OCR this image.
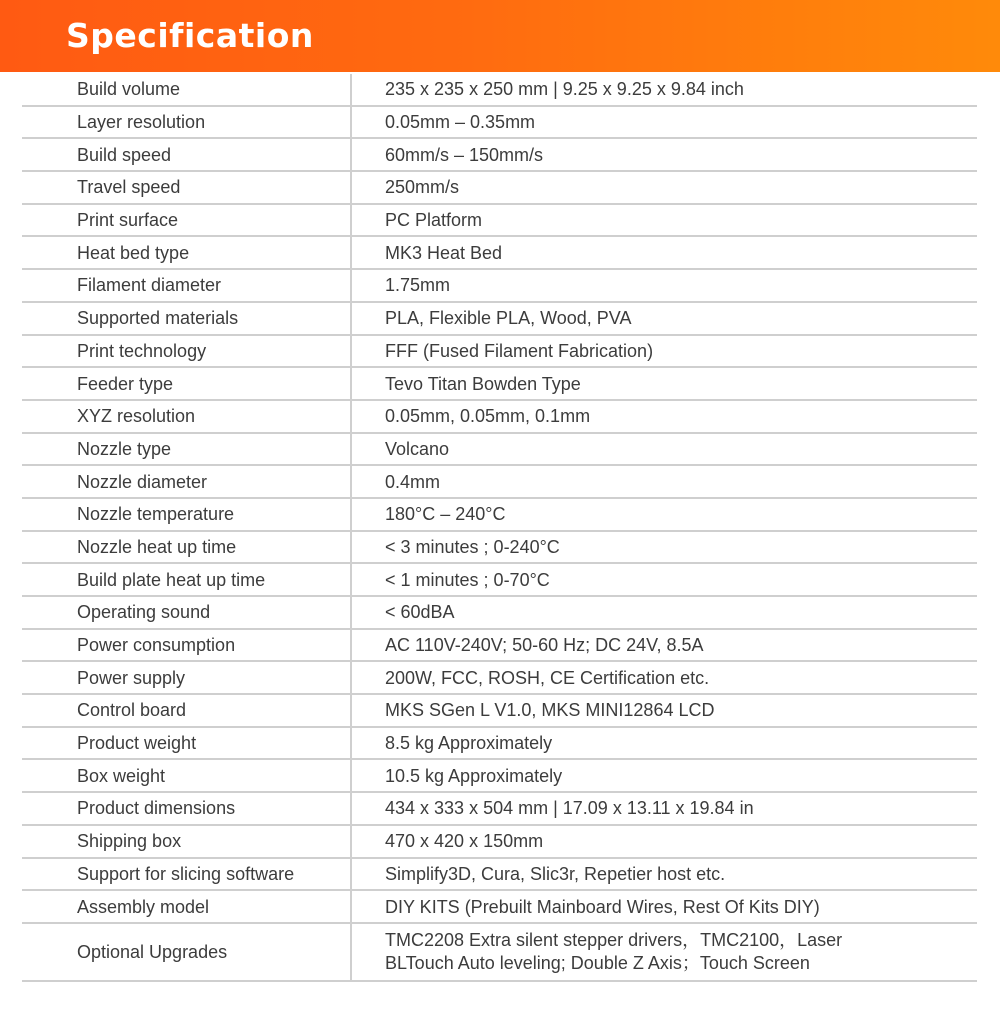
Specification
Build volume	235 x 235 x 250 mm | 9.25 x 9.25 x 9.84 inch
Layer resolution	0.05mm – 0.35mm
Build speed	60mm/s – 150mm/s
Travel speed	250mm/s
Print surface	PC Platform
Heat bed type	MK3 Heat Bed
Filament diameter	1.75mm
Supported materials	PLA, Flexible PLA, Wood, PVA
Print technology	FFF (Fused Filament Fabrication)
Feeder type	Tevo Titan Bowden Type
XYZ resolution	0.05mm, 0.05mm, 0.1mm
Nozzle type	Volcano
Nozzle diameter	0.4mm
Nozzle temperature	180°C – 240°C
Nozzle heat up time	< 3 minutes ; 0-240°C
Build plate heat up time	< 1 minutes ; 0-70°C
Operating sound	< 60dBA
Power consumption	AC 110V-240V; 50-60 Hz; DC 24V, 8.5A
Power supply	200W, FCC, ROSH, CE Certification etc.
Control board	MKS SGen L V1.0, MKS MINI12864 LCD
Product weight	8.5 kg Approximately
Box weight	10.5 kg Approximately
Product dimensions	434 x 333 x 504 mm | 17.09 x 13.11 x 19.84 in
Shipping box	470 x 420 x 150mm
Support for slicing software	Simplify3D, Cura, Slic3r, Repetier host etc.
Assembly model	DIY KITS (Prebuilt Mainboard Wires, Rest Of Kits DIY)
Optional Upgrades	TMC2208 Extra silent stepper drivers，TMC2100，Laser
BLTouch Auto leveling; Double Z Axis；Touch Screen
